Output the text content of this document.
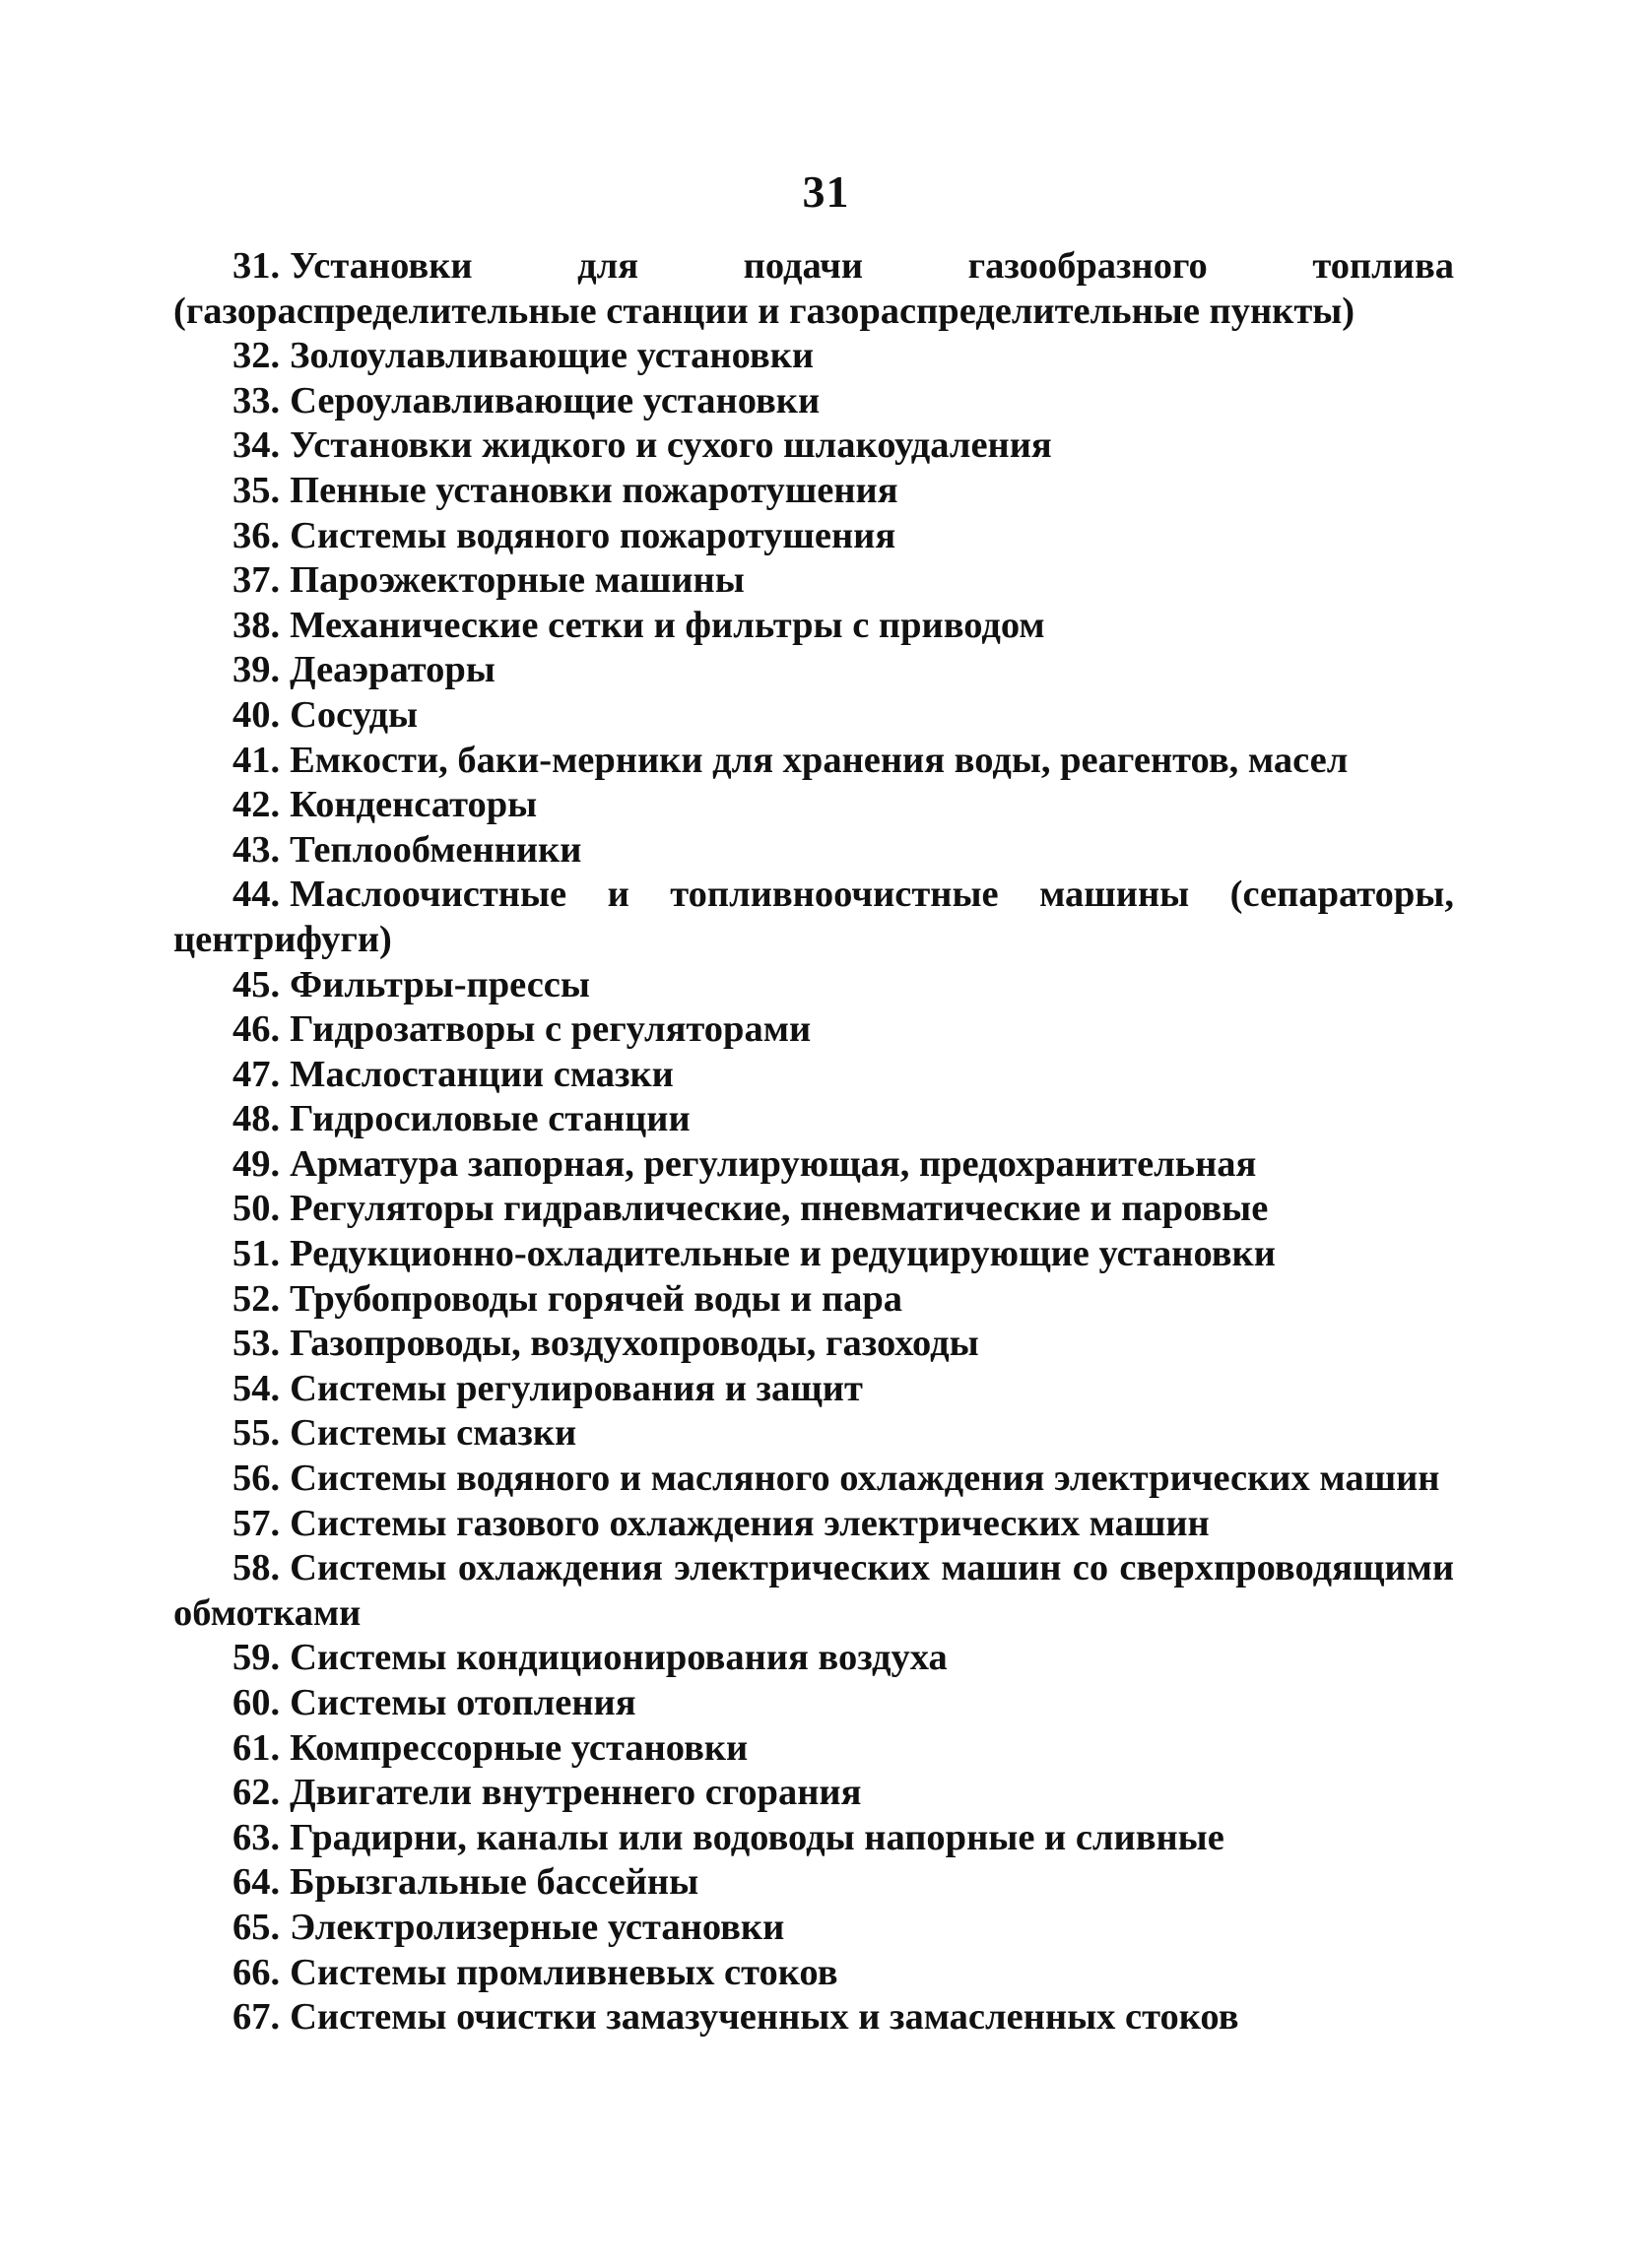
31
31. Установки для подачи газообразного топлива (газораспределительные станции и газораспределительные пункты)
32. Золоулавливающие установки
33. Сероулавливающие установки
34. Установки жидкого и сухого шлакоудаления
35. Пенные установки пожаротушения
36. Системы водяного пожаротушения
37. Пароэжекторные машины
38. Механические сетки и фильтры с приводом
39. Деаэраторы
40. Сосуды
41. Емкости, баки-мерники для хранения воды, реагентов, масел
42. Конденсаторы
43. Теплообменники
44. Маслоочистные и топливноочистные машины (сепараторы, центрифуги)
45. Фильтры-прессы
46. Гидрозатворы с регуляторами
47. Маслостанции смазки
48. Гидросиловые станции
49. Арматура запорная, регулирующая, предохранительная
50. Регуляторы гидравлические, пневматические и паровые
51. Редукционно-охладительные и редуцирующие установки
52. Трубопроводы горячей воды и пара
53. Газопроводы, воздухопроводы, газоходы
54. Системы регулирования и защит
55. Системы смазки
56. Системы водяного и масляного охлаждения электрических машин
57. Системы газового охлаждения электрических машин
58. Системы охлаждения электрических машин со сверхпроводящими обмотками
59. Системы кондиционирования воздуха
60. Системы отопления
61. Компрессорные установки
62. Двигатели внутреннего сгорания
63. Градирни, каналы или водоводы напорные и сливные
64. Брызгальные бассейны
65. Электролизерные установки
66. Системы промливневых стоков
67. Системы очистки замазученных и замасленных стоков
